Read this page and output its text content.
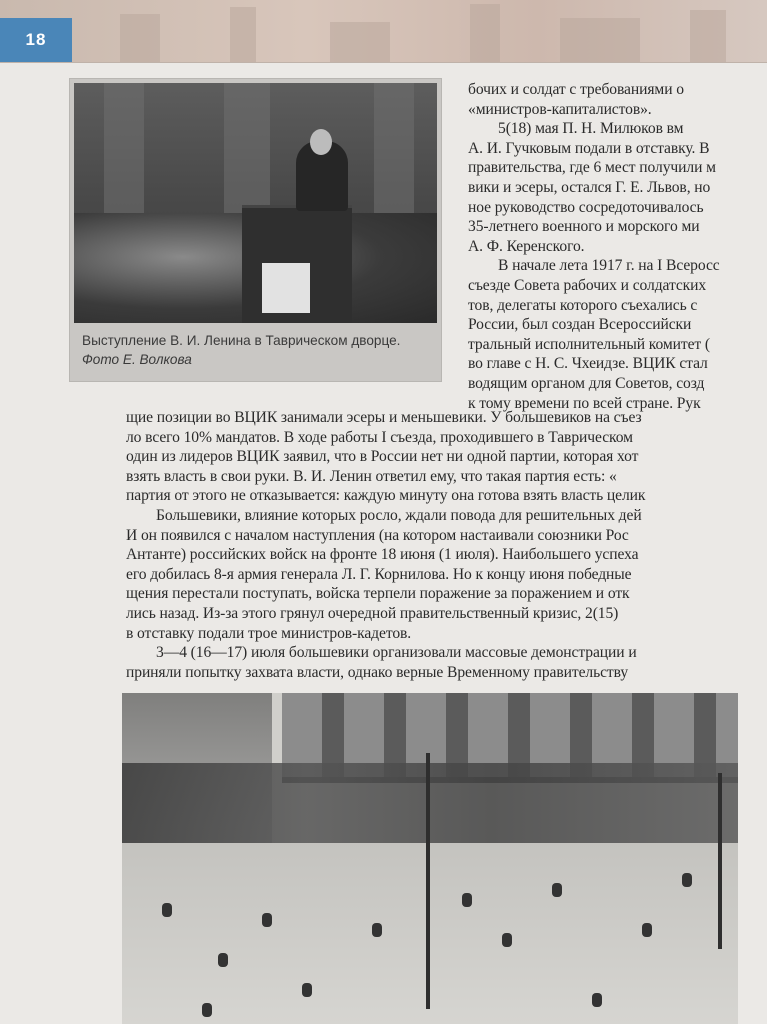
18
Выступление В. И. Ленина в Таврическом дворце. Фото Е. Волкова
бочих и солдат с требованиями о
«министров-капиталистов».
5(18) мая П. Н. Милюков вм
А. И. Гучковым подали в отставку. В
правительства, где 6 мест получили м
вики и эсеры, остался Г. Е. Львов, но
ное руководство сосредоточивалось
35-летнего военного и морского ми
А. Ф. Керенского.
В начале лета 1917 г. на I Всеросс
съезде Совета рабочих и солдатских
тов, делегаты которого съехались с
России, был создан Всероссийски
тральный исполнительный комитет (
во главе с Н. С. Чхеидзе. ВЦИК стал
водящим органом для Советов, созд
к тому времени по всей стране. Рук
щие позиции во ВЦИК занимали эсеры и меньшевики. У большевиков на съез
ло всего 10% мандатов. В ходе работы I съезда, проходившего в Таврическом
один из лидеров ВЦИК заявил, что в России нет ни одной партии, которая хот
взять власть в свои руки. В. И. Ленин ответил ему, что такая партия есть: «
партия от этого не отказывается: каждую минуту она готова взять власть целик
Большевики, влияние которых росло, ждали повода для решительных дей
И он появился с началом наступления (на котором настаивали союзники Рос
Антанте) российских войск на фронте 18 июня (1 июля). Наибольшего успеха
его добилась 8-я армия генерала Л. Г. Корнилова. Но к концу июня победные
щения перестали поступать, войска терпели поражение за поражением и отк
лись назад. Из-за этого грянул очередной правительственный кризис, 2(15)
в отставку подали трое министров-кадетов.
3—4 (16—17) июля большевики организовали массовые демонстрации и
приняли попытку захвата власти, однако верные Временному правительству
